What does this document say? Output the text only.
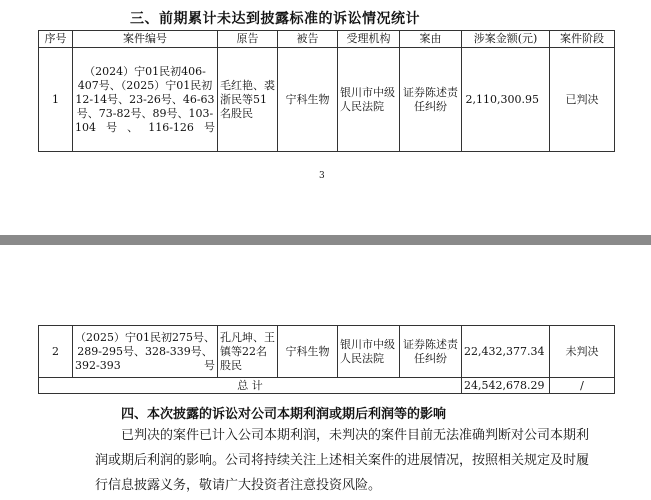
三、前期累计未达到披露标准的诉讼情况统计
序号	案件编号	原告	被告	受理机构	案由	涉案金额(元)	案件阶段
1	（2024）宁01民初406-407号、（2025）宁01民初12-14号、23-26号、46-63号、73-82号、89号、103-104号、116-126号	毛红艳、裘浙民等51名股民	宁科生物	银川市中级人民法院	证券陈述责任纠纷	2,110,300.95	已判决
3
2	（2025）宁01民初275号、289-295号、328-339号、392-393号	孔凡坤、王镇等22名股民	宁科生物	银川市中级人民法院	证券陈述责任纠纷	22,432,377.34	未判决
总 计						24,542,678.29	/
四、本次披露的诉讼对公司本期利润或期后利润等的影响

已判决的案件已计入公司本期利润，未判决的案件目前无法准确判断对公司本期利润或期后利润的影响。公司将持续关注上述相关案件的进展情况，按照相关规定及时履行信息披露义务，敬请广大投资者注意投资风险。
